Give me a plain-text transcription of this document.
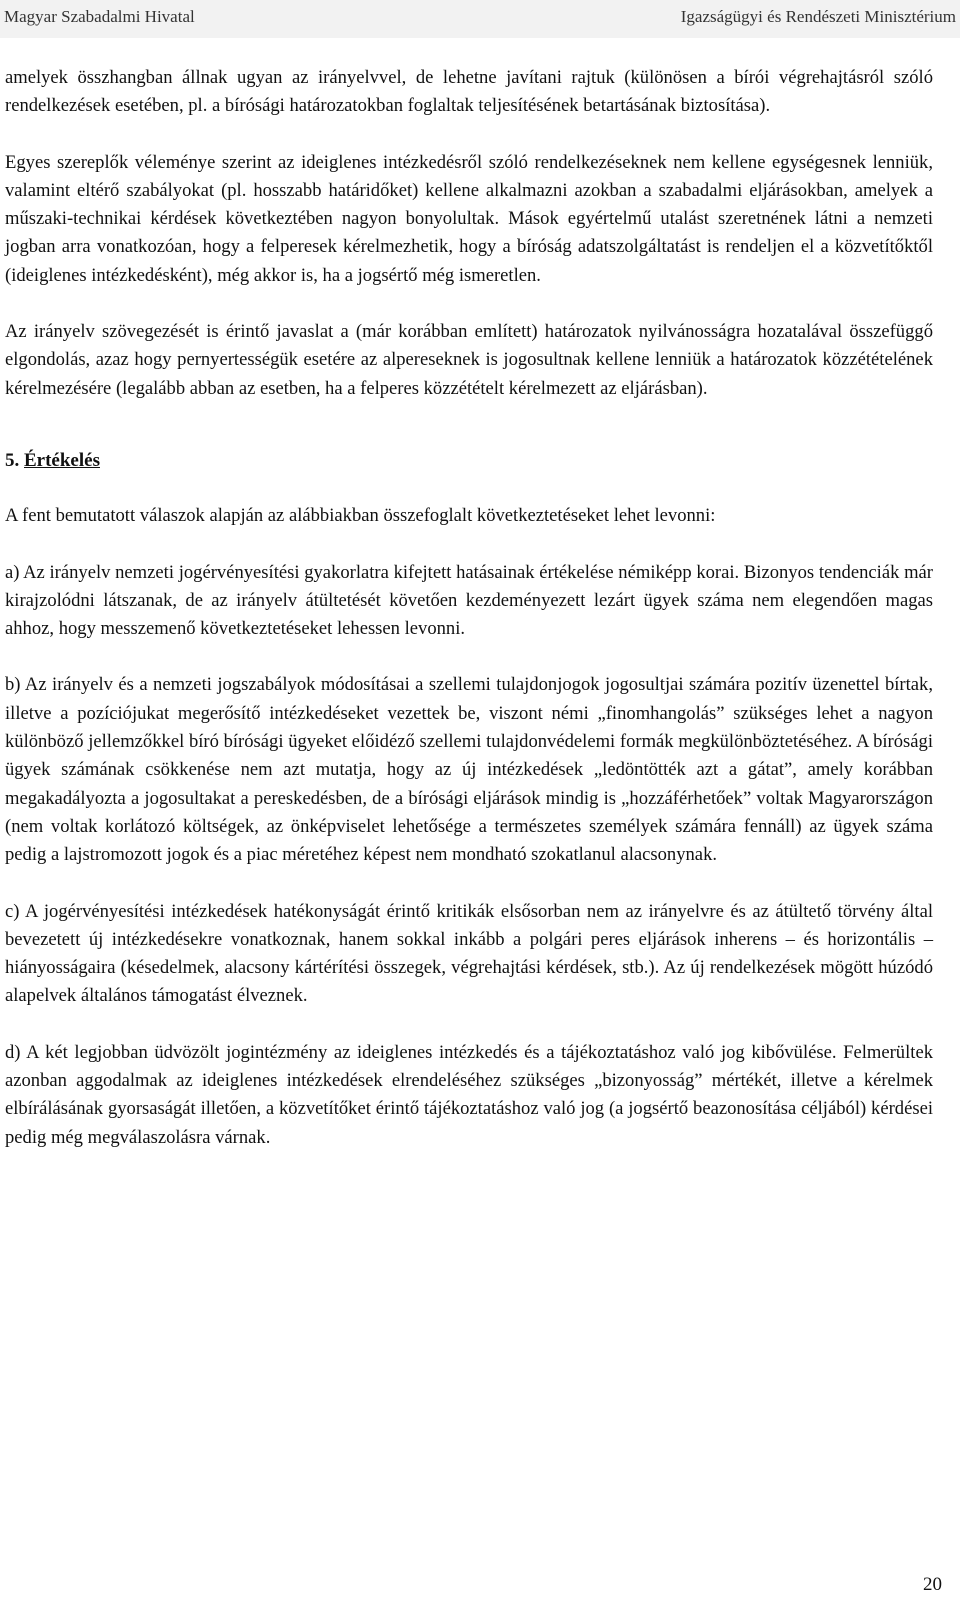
Magyar Szabadalmi Hivatal	Igazságügyi és Rendészeti Minisztérium

amelyek összhangban állnak ugyan az irányelvvel, de lehetne javítani rajtuk (különösen a bírói végrehajtásról szóló rendelkezések esetében, pl. a bírósági határozatokban foglaltak teljesítésének betartásának biztosítása).

Egyes szereplők véleménye szerint az ideiglenes intézkedésről szóló rendelkezéseknek nem kellene egységesnek lenniük, valamint eltérő szabályokat (pl. hosszabb határidőket) kellene alkalmazni azokban a szabadalmi eljárásokban, amelyek a műszaki-technikai kérdések következtében nagyon bonyolultak. Mások egyértelmű utalást szeretnének látni a nemzeti jogban arra vonatkozóan, hogy a felperesek kérelmezhetik, hogy a bíróság adatszolgáltatást is rendeljen el a közvetítőktől (ideiglenes intézkedésként), még akkor is, ha a jogsértő még ismeretlen.

Az irányelv szövegezését is érintő javaslat a (már korábban említett) határozatok nyilvánosságra hozatalával összefüggő elgondolás, azaz hogy pernyertességük esetére az alpereseknek is jogosultnak kellene lenniük a határozatok közzétételének kérelmezésére (legalább abban az esetben, ha a felperes közzétételt kérelmezett az eljárásban).

5. Értékelés

A fent bemutatott válaszok alapján az alábbiakban összefoglalt következtetéseket lehet levonni:

a) Az irányelv nemzeti jogérvényesítési gyakorlatra kifejtett hatásainak értékelése némiképp korai. Bizonyos tendenciák már kirajzolódni látszanak, de az irányelv átültetését követően kezdeményezett lezárt ügyek száma nem elegendően magas ahhoz, hogy messzemenő következtetéseket lehessen levonni.

b) Az irányelv és a nemzeti jogszabályok módosításai a szellemi tulajdonjogok jogosultjai számára pozitív üzenettel bírtak, illetve a pozíciójukat megerősítő intézkedéseket vezettek be, viszont némi „finomhangolás” szükséges lehet a nagyon különböző jellemzőkkel bíró bírósági ügyeket előidéző szellemi tulajdonvédelemi formák megkülönböztetéséhez. A bírósági ügyek számának csökkenése nem azt mutatja, hogy az új intézkedések „ledöntötték azt a gátat”, amely korábban megakadályozta a jogosultakat a pereskedésben, de a bírósági eljárások mindig is „hozzáférhetőek” voltak Magyarországon (nem voltak korlátozó költségek, az önképviselet lehetősége a természetes személyek számára fennáll) az ügyek száma pedig a lajstromozott jogok és a piac méretéhez képest nem mondható szokatlanul alacsonynak.

c) A jogérvényesítési intézkedések hatékonyságát érintő kritikák elsősorban nem az irányelvre és az átültető törvény által bevezetett új intézkedésekre vonatkoznak, hanem sokkal inkább a polgári peres eljárások inherens – és horizontális – hiányosságaira (késedelmek, alacsony kártérítési összegek, végrehajtási kérdések, stb.). Az új rendelkezések mögött húzódó alapelvek általános támogatást élveznek.

d) A két legjobban üdvözölt jogintézmény az ideiglenes intézkedés és a tájékoztatáshoz való jog kibővülése. Felmerültek azonban aggodalmak az ideiglenes intézkedések elrendeléséhez szükséges „bizonyosság” mértékét, illetve a kérelmek elbírálásának gyorsaságát illetően, a közvetítőket érintő tájékoztatáshoz való jog (a jogsértő beazonosítása céljából) kérdései pedig még megválaszolásra várnak.

20
